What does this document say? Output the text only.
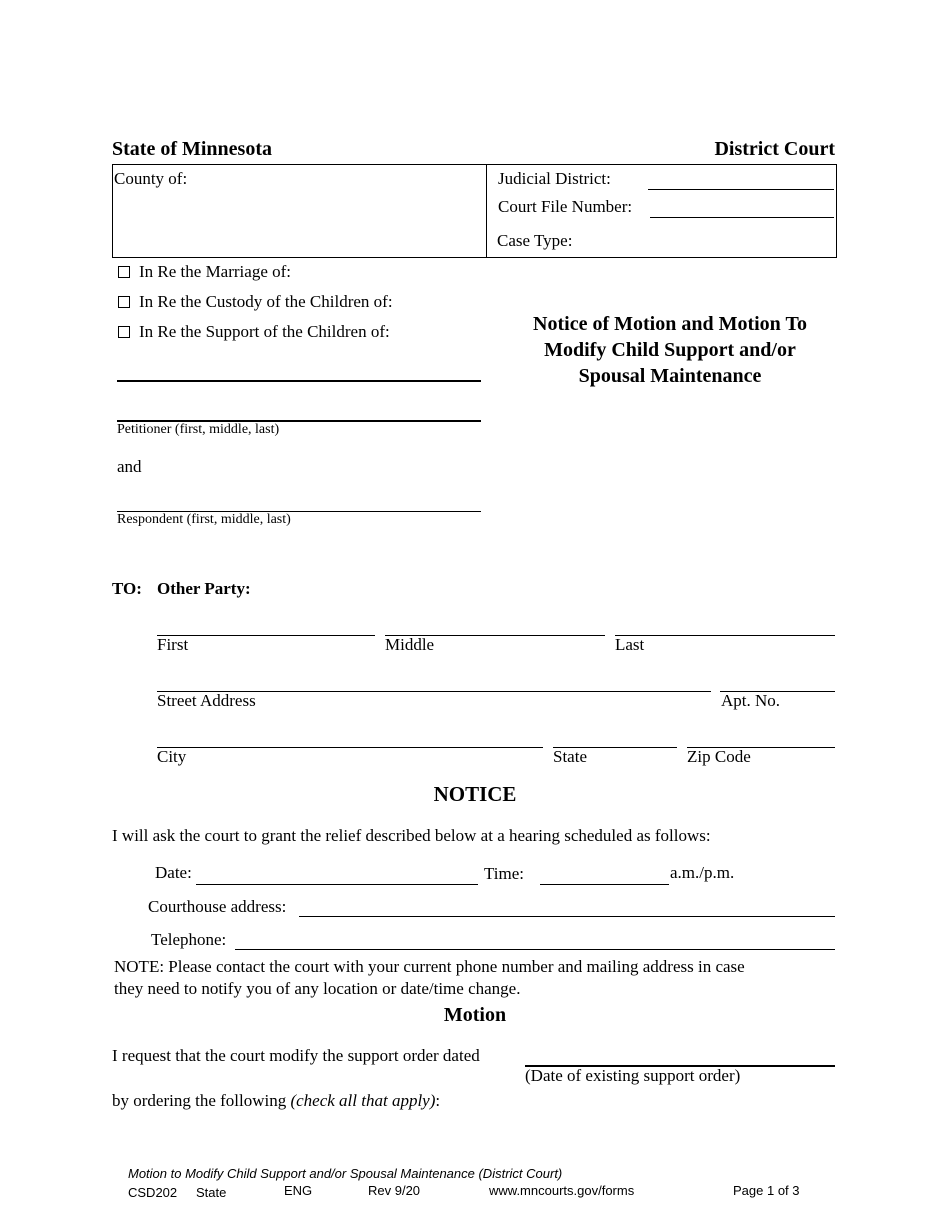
State of Minnesota	District Court
County of:	Judicial District:
Court File Number:
Case Type:
In Re the Marriage of:
In Re the Custody of the Children of:
In Re the Support of the Children of:	Notice of Motion and Motion To
Modify Child Support and/or
Spousal Maintenance
Petitioner (first, middle, last)
and
Respondent (first, middle, last)
TO: Other Party:
First	Middle	Last
Street Address	Apt. No.
City	State	Zip Code
NOTICE
I will ask the court to grant the relief described below at a hearing scheduled as follows:
Date:	Time:	a.m./p.m.
Courthouse address:
Telephone:
NOTE: Please contact the court with your current phone number and mailing address in case
they need to notify you of any location or date/time change.
Motion
I request that the court modify the support order dated
(Date of existing support order)
by ordering the following (check all that apply):
Motion to Modify Child Support and/or Spousal Maintenance (District Court)
CSD202 State	ENG	Rev 9/20	www.mncourts.gov/forms	Page 1 of 3
